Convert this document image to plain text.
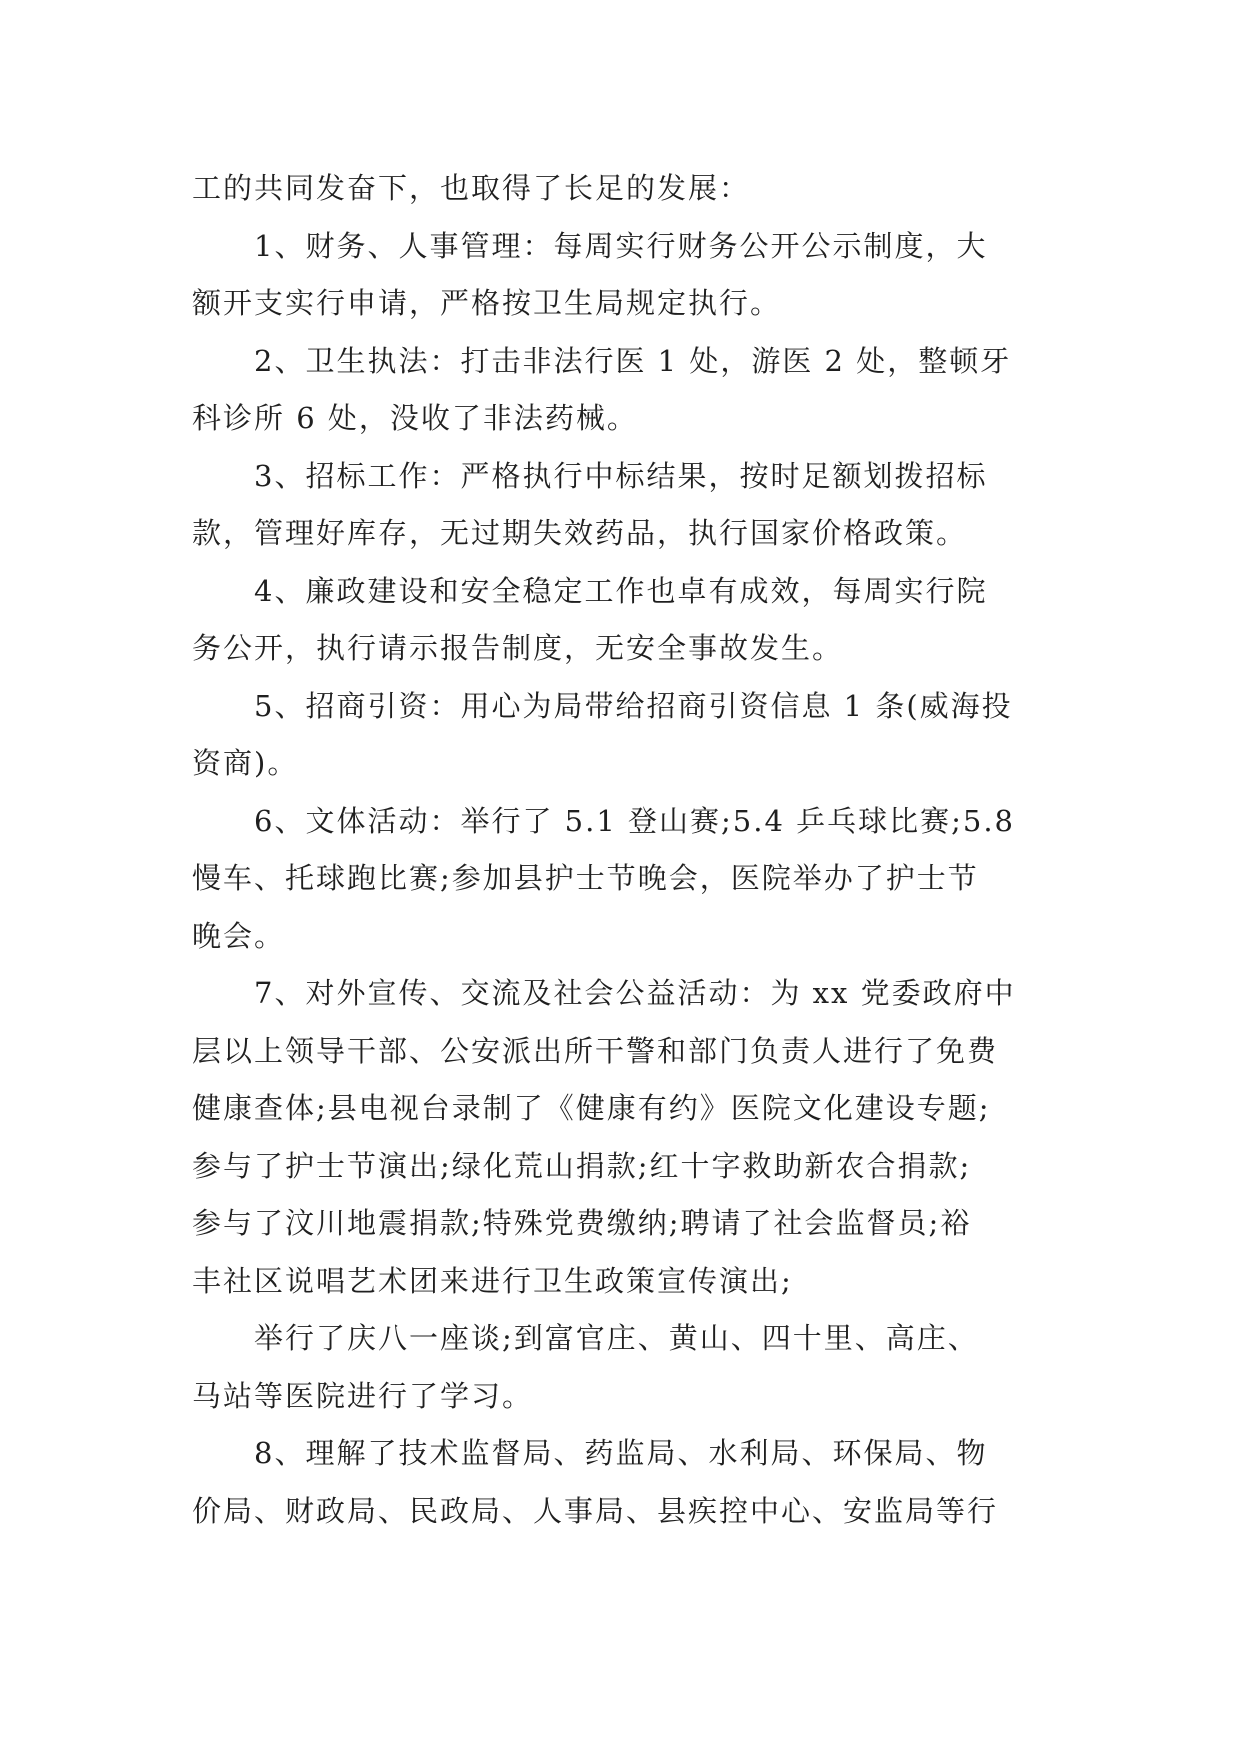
工的共同发奋下，也取得了长足的发展：

　　1、财务、人事管理：每周实行财务公开公示制度，大

额开支实行申请，严格按卫生局规定执行。

　　2、卫生执法：打击非法行医 1 处，游医 2 处，整顿牙

科诊所 6 处，没收了非法药械。

　　3、招标工作：严格执行中标结果，按时足额划拨招标

款，管理好库存，无过期失效药品，执行国家价格政策。

　　4、廉政建设和安全稳定工作也卓有成效，每周实行院

务公开，执行请示报告制度，无安全事故发生。

　　5、招商引资：用心为局带给招商引资信息 1 条(威海投

资商)。

　　6、文体活动：举行了 5.1 登山赛;5.4 乒乓球比赛;5.8

慢车、托球跑比赛;参加县护士节晚会，医院举办了护士节

晚会。

　　7、对外宣传、交流及社会公益活动：为 xx 党委政府中

层以上领导干部、公安派出所干警和部门负责人进行了免费

健康查体;县电视台录制了《健康有约》医院文化建设专题;

参与了护士节演出;绿化荒山捐款;红十字救助新农合捐款;

参与了汶川地震捐款;特殊党费缴纳;聘请了社会监督员;裕

丰社区说唱艺术团来进行卫生政策宣传演出;

　　举行了庆八一座谈;到富官庄、黄山、四十里、高庄、

马站等医院进行了学习。

　　8、理解了技术监督局、药监局、水利局、环保局、物

价局、财政局、民政局、人事局、县疾控中心、安监局等行
